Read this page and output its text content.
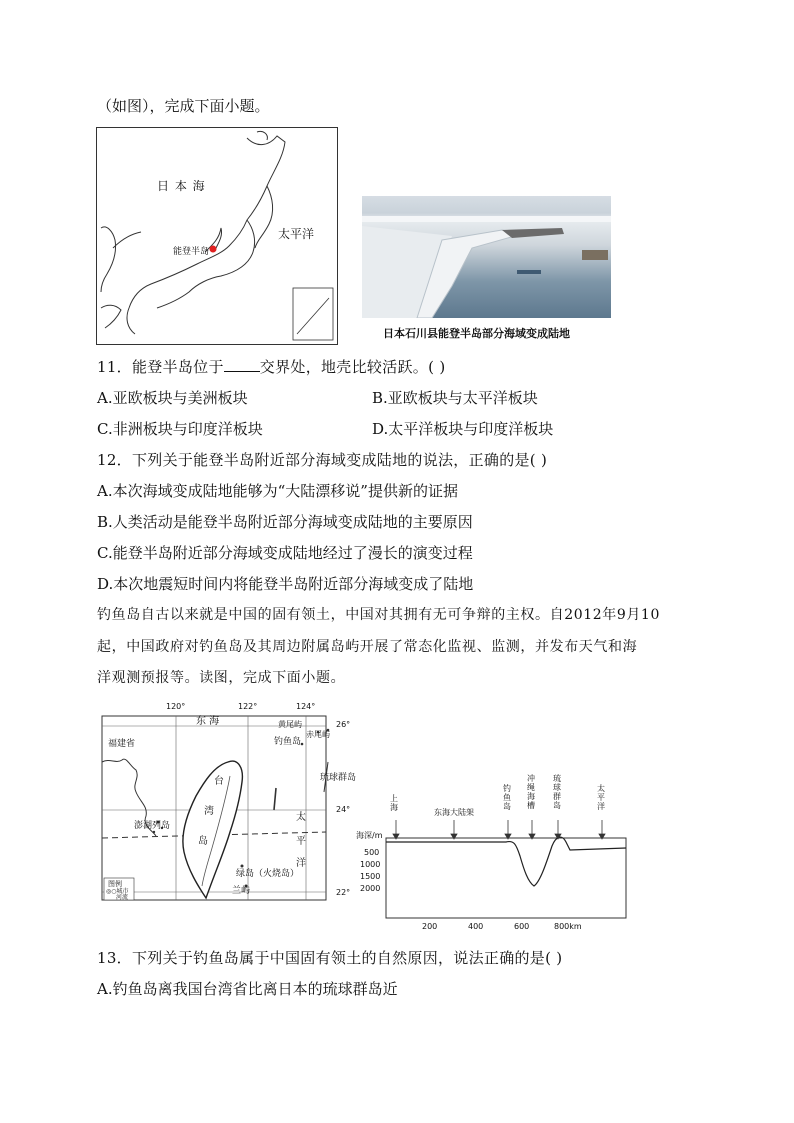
（如图），完成下面小题。
日 本 海
太平洋
能登半岛
日本石川县能登半岛部分海域变成陆地
11．能登半岛位于 交界处，地壳比较活跃。( )
A.亚欧板块与美洲板块	B.亚欧板块与太平洋板块
C.非洲板块与印度洋板块	D.太平洋板块与印度洋板块
12．下列关于能登半岛附近部分海域变成陆地的说法，正确的是( )
A.本次海域变成陆地能够为“大陆漂移说”提供新的证据
B.人类活动是能登半岛附近部分海域变成陆地的主要原因
C.能登半岛附近部分海域变成陆地经过了漫长的演变过程
D.本次地震短时间内将能登半岛附近部分海域变成了陆地
钓鱼岛自古以来就是中国的固有领土，中国对其拥有无可争辩的主权。自2012年9月10
起，中国政府对钓鱼岛及其周边附属岛屿开展了常态化监视、监测，并发布天气和海
洋观测预报等。读图，完成下面小题。
120°	122°	124°
26°
24°
22°
东 海	黄尾屿
赤尾屿
钓鱼岛
福建省
琉球群岛
台
湾
岛
澎湖列岛
太
平
洋
绿岛（火烧岛）
兰屿
图例
◎○城市
河流
上海
东海大陆架
钓鱼岛
冲绳海槽
琉球群岛
太平洋
海深/m
500
1000
1500
2000
200	400	600	800km
13．下列关于钓鱼岛属于中国固有领土的自然原因，说法正确的是( )
A.钓鱼岛离我国台湾省比离日本的琉球群岛近
